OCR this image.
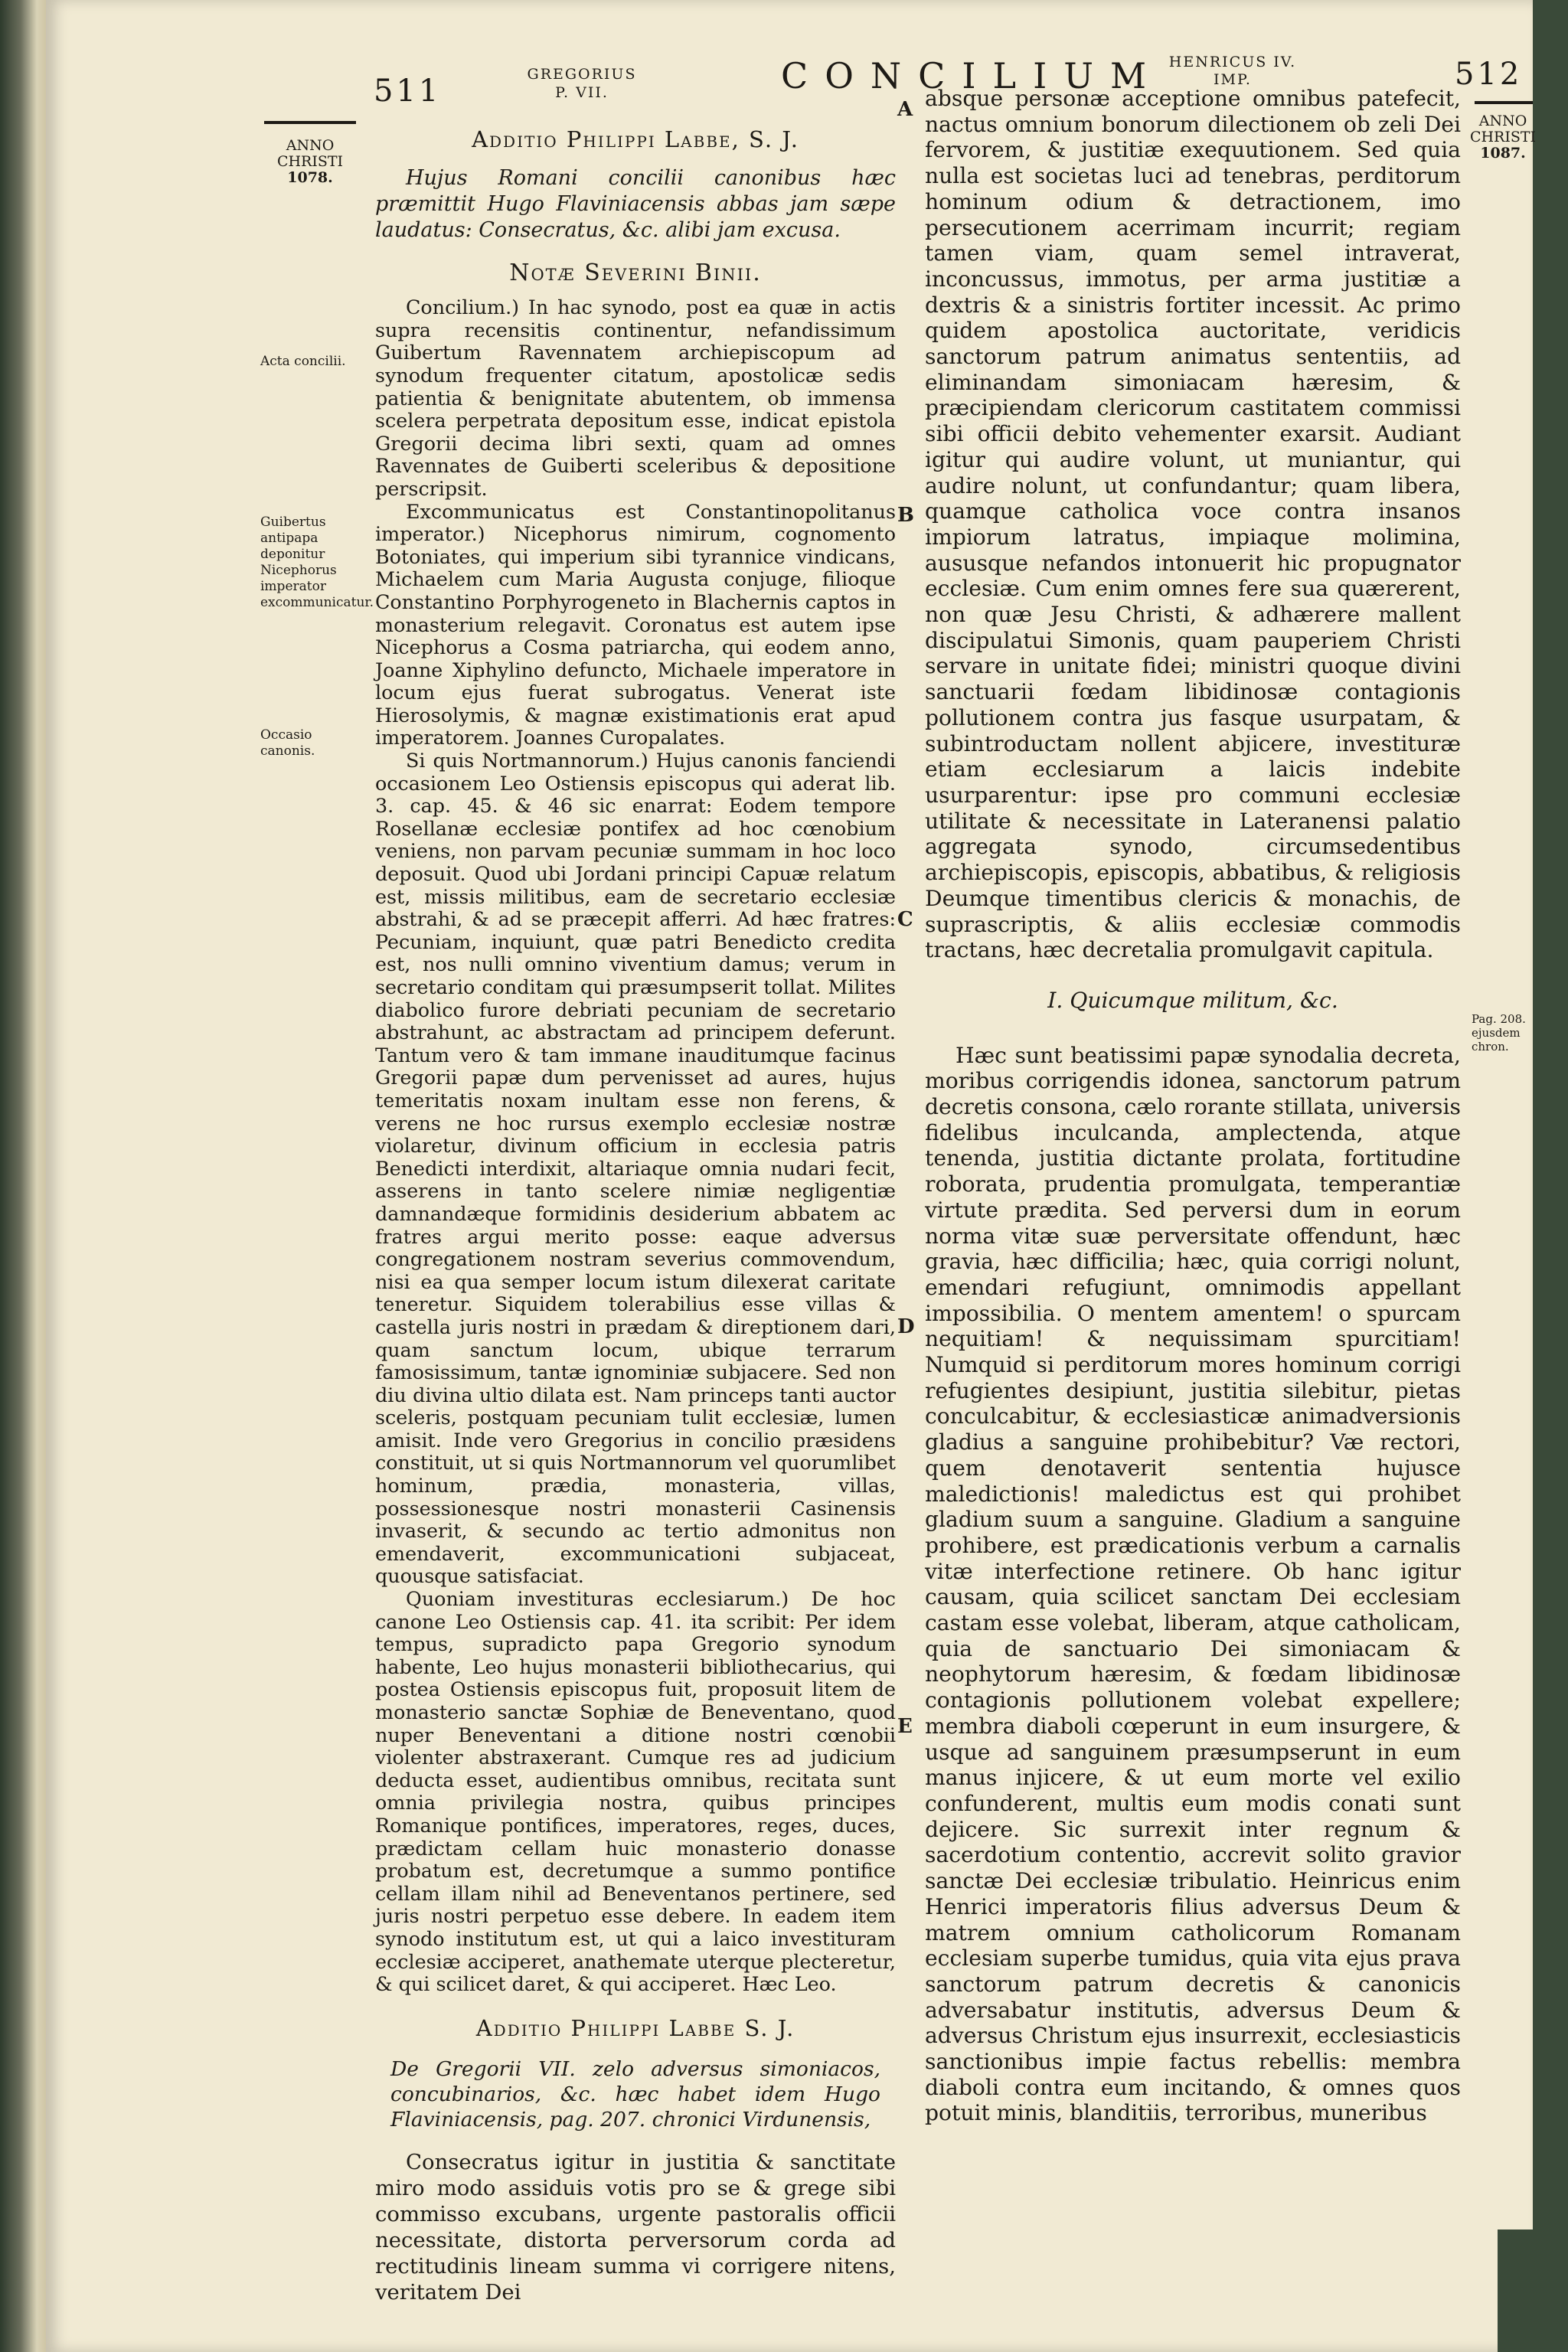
511	GREGORIUS
P. VII.	CONCILIUM HENRICUS IV.
IMP.	512
ANNO
CHRISTI
1078.
Acta concilii.
Guibertus antipapa deponitur Nicephorus imperator excommunicatur.
Occasio canonis.
ANNO
CHRISTI
1087.
Pag. 208. ejusdem chron.
A
B
C
D
E

Additio Philippi Labbe, S. J.

Hujus Romani concilii canonibus hæc præmittit Hugo Flaviniacensis abbas jam sæpe laudatus: Consecratus, &c. alibi jam excusa.

Notæ Severini Binii.

Concilium.) In hac synodo, post ea quæ in actis supra recensitis continentur, nefandissimum Guibertum Ravennatem archiepiscopum ad synodum frequenter citatum, apostolicæ sedis patientia & benignitate abutentem, ob immensa scelera perpetrata depositum esse, indicat epistola Gregorii decima libri sexti, quam ad omnes Ravennates de Guiberti sceleribus & depositione perscripsit.

Excommunicatus est Constantinopolitanus imperator.) Nicephorus nimirum, cognomento Botoniates, qui imperium sibi tyrannice vindicans, Michaelem cum Maria Augusta conjuge, filioque Constantino Porphyrogeneto in Blachernis captos in monasterium relegavit. Coronatus est autem ipse Nicephorus a Cosma patriarcha, qui eodem anno, Joanne Xiphylino defuncto, Michaele imperatore in locum ejus fuerat subrogatus. Venerat iste Hierosolymis, & magnæ existimationis erat apud imperatorem. Joannes Curopalates.

Si quis Nortmannorum.) Hujus canonis fanciendi occasionem Leo Ostiensis episcopus qui aderat lib. 3. cap. 45. & 46 sic enarrat: Eodem tempore Rosellanæ ecclesiæ pontifex ad hoc cœnobium veniens, non parvam pecuniæ summam in hoc loco deposuit. Quod ubi Jordani principi Capuæ relatum est, missis militibus, eam de secretario ecclesiæ abstrahi, & ad se præcepit afferri. Ad hæc fratres: Pecuniam, inquiunt, quæ patri Benedicto credita est, nos nulli omnino viventium damus; verum in secretario conditam qui præsumpserit tollat. Milites diabolico furore debriati pecuniam de secretario abstrahunt, ac abstractam ad principem deferunt. Tantum vero & tam immane inauditumque facinus Gregorii papæ dum pervenisset ad aures, hujus temeritatis noxam inultam esse non ferens, & verens ne hoc rursus exemplo ecclesiæ nostræ violaretur, divinum officium in ecclesia patris Benedicti interdixit, altariaque omnia nudari fecit, asserens in tanto scelere nimiæ negligentiæ damnandæque formidinis desiderium abbatem ac fratres argui merito posse: eaque adversus congregationem nostram severius commovendum, nisi ea qua semper locum istum dilexerat caritate teneretur. Siquidem tolerabilius esse villas & castella juris nostri in prædam & direptionem dari, quam sanctum locum, ubique terrarum famosissimum, tantæ ignominiæ subjacere. Sed non diu divina ultio dilata est. Nam princeps tanti auctor sceleris, postquam pecuniam tulit ecclesiæ, lumen amisit. Inde vero Gregorius in concilio præsidens constituit, ut si quis Nortmannorum vel quorumlibet hominum, prædia, monasteria, villas, possessionesque nostri monasterii Casinensis invaserit, & secundo ac tertio admonitus non emendaverit, excommunicationi subjaceat, quousque satisfaciat.

Quoniam investituras ecclesiarum.) De hoc canone Leo Ostiensis cap. 41. ita scribit: Per idem tempus, supradicto papa Gregorio synodum habente, Leo hujus monasterii bibliothecarius, qui postea Ostiensis episcopus fuit, proposuit litem de monasterio sanctæ Sophiæ de Beneventano, quod nuper Beneventani a ditione nostri cœnobii violenter abstraxerant. Cumque res ad judicium deducta esset, audientibus omnibus, recitata sunt omnia privilegia nostra, quibus principes Romanique pontifices, imperatores, reges, duces, prædictam cellam huic monasterio donasse probatum est, decretumque a summo pontifice cellam illam nihil ad Beneventanos pertinere, sed juris nostri perpetuo esse debere. In eadem item synodo institutum est, ut qui a laico investituram ecclesiæ acciperet, anathemate uterque plecteretur, & qui scilicet daret, & qui acciperet. Hæc Leo.

Additio Philippi Labbe S. J.

De Gregorii VII. zelo adversus simoniacos, concubinarios, &c. hæc habet idem Hugo Flaviniacensis, pag. 207. chronici Virdunensis,

Consecratus igitur in justitia & sanctitate miro modo assiduis votis pro se & grege sibi commisso excubans, urgente pastoralis officii necessitate, distorta perversorum corda ad rectitudinis lineam summa vi corrigere nitens, veritatem Dei

absque personæ acceptione omnibus patefecit, nactus omnium bonorum dilectionem ob zeli Dei fervorem, & justitiæ exequutionem. Sed quia nulla est societas luci ad tenebras, perditorum hominum odium & detractionem, imo persecutionem acerrimam incurrit; regiam tamen viam, quam semel intraverat, inconcussus, immotus, per arma justitiæ a dextris & a sinistris fortiter incessit. Ac primo quidem apostolica auctoritate, veridicis sanctorum patrum animatus sententiis, ad eliminandam simoniacam hæresim, & præcipiendam clericorum castitatem commissi sibi officii debito vehementer exarsit. Audiant igitur qui audire volunt, ut muniantur, qui audire nolunt, ut confundantur; quam libera, quamque catholica voce contra insanos impiorum latratus, impiaque molimina, aususque nefandos intonuerit hic propugnator ecclesiæ. Cum enim omnes fere sua quærerent, non quæ Jesu Christi, & adhærere mallent discipulatui Simonis, quam pauperiem Christi servare in unitate fidei; ministri quoque divini sanctuarii fœdam libidinosæ contagionis pollutionem contra jus fasque usurpatam, & subintroductam nollent abjicere, investituræ etiam ecclesiarum a laicis indebite usurparentur: ipse pro communi ecclesiæ utilitate & necessitate in Lateranensi palatio aggregata synodo, circumsedentibus archiepiscopis, episcopis, abbatibus, & religiosis Deumque timentibus clericis & monachis, de suprascriptis, & aliis ecclesiæ commodis tractans, hæc decretalia promulgavit capitula.

I. Quicumque militum, &c.

Hæc sunt beatissimi papæ synodalia decreta, moribus corrigendis idonea, sanctorum patrum decretis consona, cælo rorante stillata, universis fidelibus inculcanda, amplectenda, atque tenenda, justitia dictante prolata, fortitudine roborata, prudentia promulgata, temperantiæ virtute prædita. Sed perversi dum in eorum norma vitæ suæ perversitate offendunt, hæc gravia, hæc difficilia; hæc, quia corrigi nolunt, emendari refugiunt, omnimodis appellant impossibilia. O mentem amentem! o spurcam nequitiam! & nequissimam spurcitiam! Numquid si perditorum mores hominum corrigi refugientes desipiunt, justitia silebitur, pietas conculcabitur, & ecclesiasticæ animadversionis gladius a sanguine prohibebitur? Væ rectori, quem denotaverit sententia hujusce maledictionis! maledictus est qui prohibet gladium suum a sanguine. Gladium a sanguine prohibere, est prædicationis verbum a carnalis vitæ interfectione retinere. Ob hanc igitur causam, quia scilicet sanctam Dei ecclesiam castam esse volebat, liberam, atque catholicam, quia de sanctuario Dei simoniacam & neophytorum hæresim, & fœdam libidinosæ contagionis pollutionem volebat expellere; membra diaboli cœperunt in eum insurgere, & usque ad sanguinem præsumpserunt in eum manus injicere, & ut eum morte vel exilio confunderent, multis eum modis conati sunt dejicere. Sic surrexit inter regnum & sacerdotium contentio, accrevit solito gravior sanctæ Dei ecclesiæ tribulatio. Heinricus enim Henrici imperatoris filius adversus Deum & matrem omnium catholicorum Romanam ecclesiam superbe tumidus, quia vita ejus prava sanctorum patrum decretis & canonicis adversabatur institutis, adversus Deum & adversus Christum ejus insurrexit, ecclesiasticis sanctionibus impie factus rebellis: membra diaboli contra eum incitando, & omnes quos potuit minis, blanditiis, terroribus, muneribus
